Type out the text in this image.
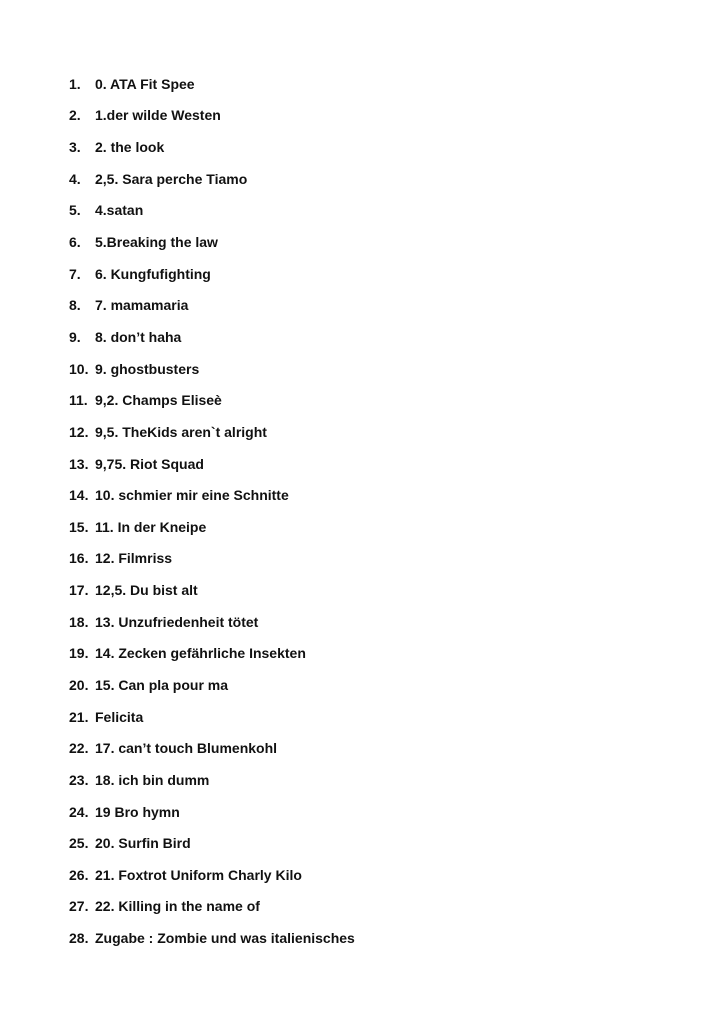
1.	0. ATA Fit Spee
2.	1.der wilde Westen
3.	2. the look
4.	2,5. Sara perche Tiamo
5.	4.satan
6.	5.Breaking the law
7.	6. Kungfufighting
8.	7. mamamaria
9.	8. don’t haha
10. 9. ghostbusters
11. 9,2. Champs Eliseè
12. 9,5. TheKids aren`t alright
13. 9,75. Riot Squad
14. 10. schmier mir eine Schnitte
15. 11. In der Kneipe
16. 12. Filmriss
17. 12,5. Du bist alt
18. 13. Unzufriedenheit tötet
19. 14. Zecken gefährliche Insekten
20. 15. Can pla pour ma
21. Felicita
22. 17. can’t touch Blumenkohl
23. 18. ich bin dumm
24. 19 Bro hymn
25. 20. Surfin Bird
26. 21. Foxtrot Uniform Charly Kilo
27. 22. Killing in the name of
28. Zugabe : Zombie und was italienisches
